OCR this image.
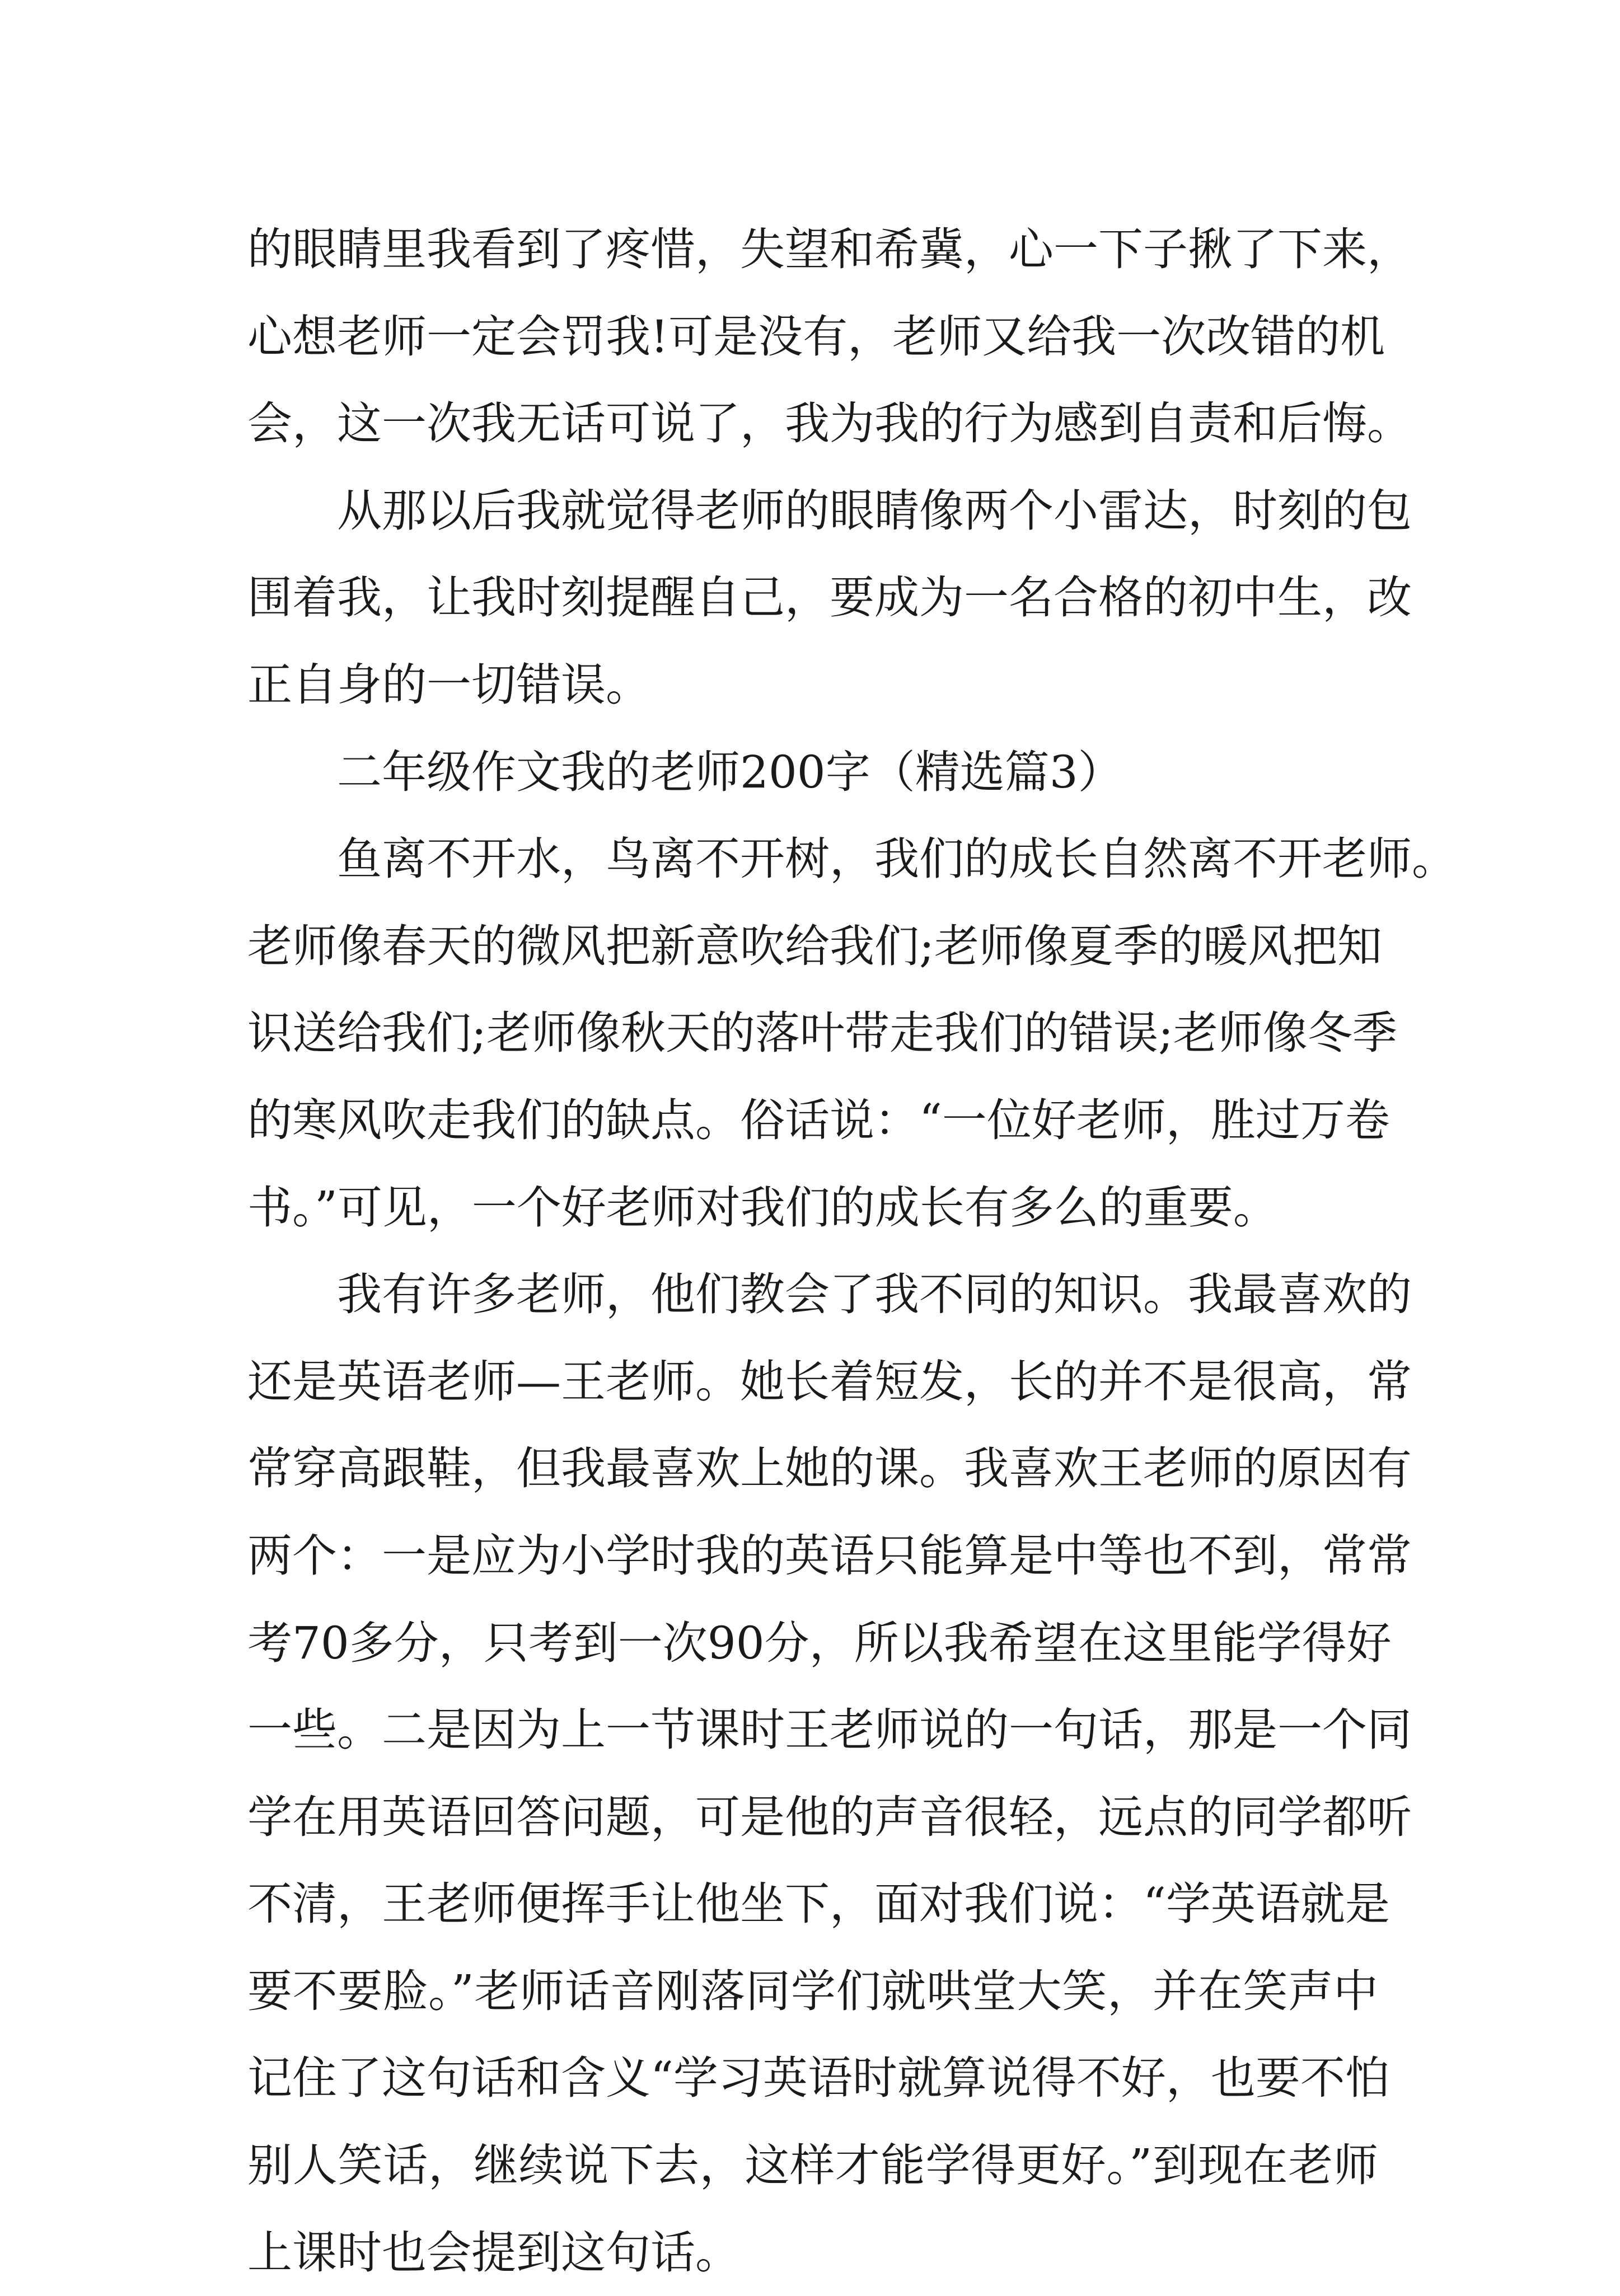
的眼睛里我看到了疼惜，失望和希冀，心一下子揪了下来，
心想老师一定会罚我!可是没有，老师又给我一次改错的机
会，这一次我无话可说了，我为我的行为感到自责和后悔。
从那以后我就觉得老师的眼睛像两个小雷达，时刻的包
围着我，让我时刻提醒自己，要成为一名合格的初中生，改
正自身的一切错误。
二年级作文我的老师200字（精选篇3）
鱼离不开水，鸟离不开树，我们的成长自然离不开老师。
老师像春天的微风把新意吹给我们;老师像夏季的暖风把知
识送给我们;老师像秋天的落叶带走我们的错误;老师像冬季
的寒风吹走我们的缺点。俗话说：“一位好老师，胜过万卷
书。”可见，一个好老师对我们的成长有多么的重要。
我有许多老师，他们教会了我不同的知识。我最喜欢的
还是英语老师—王老师。她长着短发，长的并不是很高，常
常穿高跟鞋，但我最喜欢上她的课。我喜欢王老师的原因有
两个：一是应为小学时我的英语只能算是中等也不到，常常
考70多分，只考到一次90分，所以我希望在这里能学得好
一些。二是因为上一节课时王老师说的一句话，那是一个同
学在用英语回答问题，可是他的声音很轻，远点的同学都听
不清，王老师便挥手让他坐下，面对我们说：“学英语就是
要不要脸。”老师话音刚落同学们就哄堂大笑，并在笑声中
记住了这句话和含义“学习英语时就算说得不好，也要不怕
别人笑话，继续说下去，这样才能学得更好。”到现在老师
上课时也会提到这句话。
